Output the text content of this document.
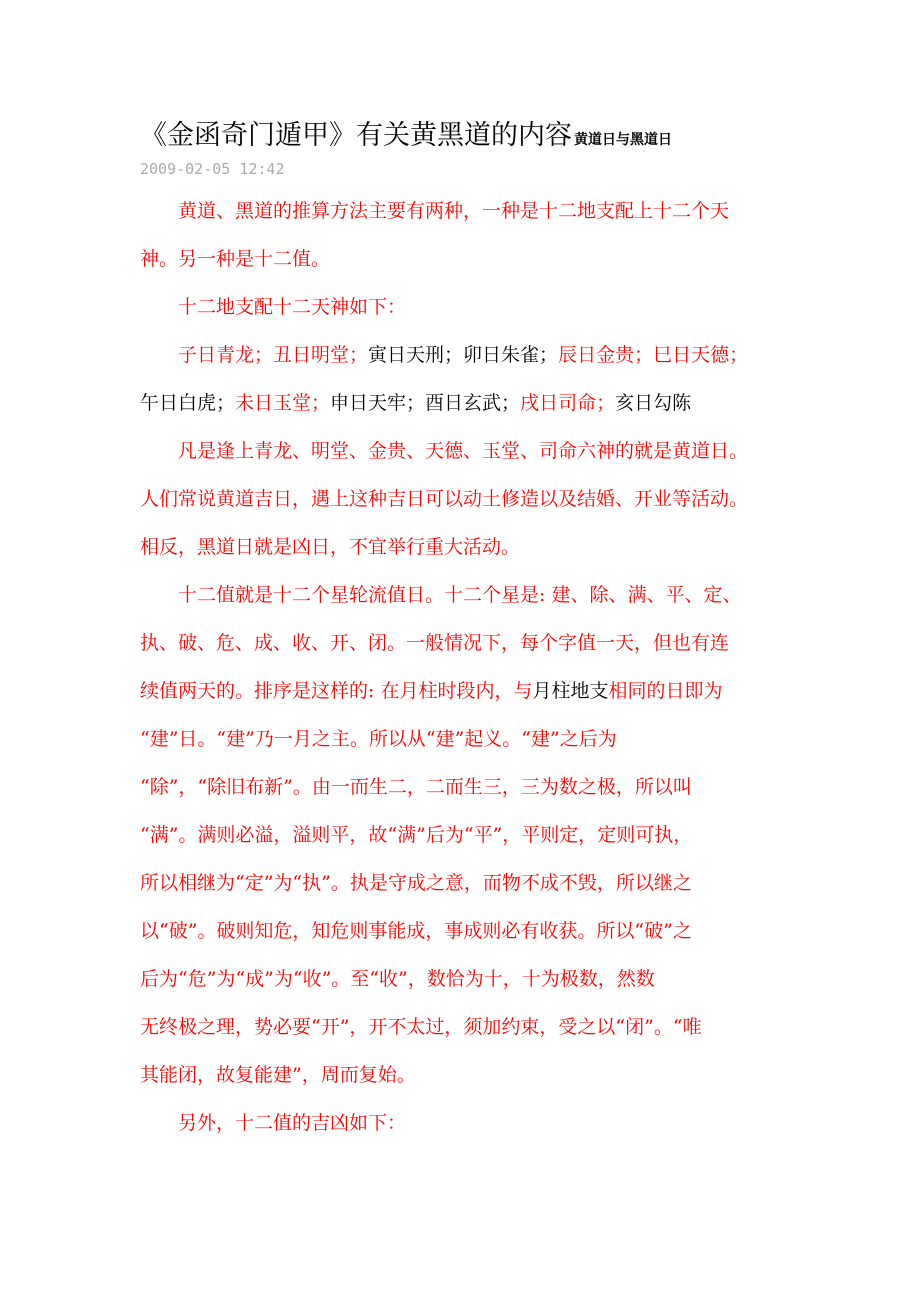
《金函奇门遁甲》有关黄黑道的内容 黄道日与黑道日
2009-02-05 12:42
黄道、黑道的推算方法主要有两种，一种是十二地支配上十二个天
神。另一种是十二值。
十二地支配十二天神如下：
子日青龙；丑日明堂；寅日天刑；卯日朱雀；辰日金贵；巳日天德；
午日白虎；未日玉堂；申日天牢；酉日玄武；戌日司命；亥日勾陈
凡是逢上青龙、明堂、金贵、天德、玉堂、司命六神的就是黄道日。
人们常说黄道吉日，遇上这种吉日可以动土修造以及结婚、开业等活动。
相反，黑道日就是凶日，不宜举行重大活动。
十二值就是十二个星轮流值日。十二个星是: 建、除、满、平、定、
执、破、危、成、收、开、闭。一般情况下，每个字值一天，但也有连
续值两天的。排序是这样的: 在月柱时段内，与月柱地支相同的日即为
“建”日。“建”乃一月之主。所以从“建”起义。“建”之后为
“除”，“除旧布新”。由一而生二，二而生三，三为数之极，所以叫
“满”。满则必溢，溢则平，故“满”后为“平”，平则定，定则可执，
所以相继为“定”为“执”。执是守成之意，而物不成不毁，所以继之
以“破”。破则知危，知危则事能成，事成则必有收获。所以“破”之
后为“危”为“成”为“收”。至“收”，数恰为十，十为极数，然数
无终极之理，势必要“开”，开不太过，须加约束，受之以“闭”。“唯
其能闭，故复能建”，周而复始。
另外，十二值的吉凶如下：
